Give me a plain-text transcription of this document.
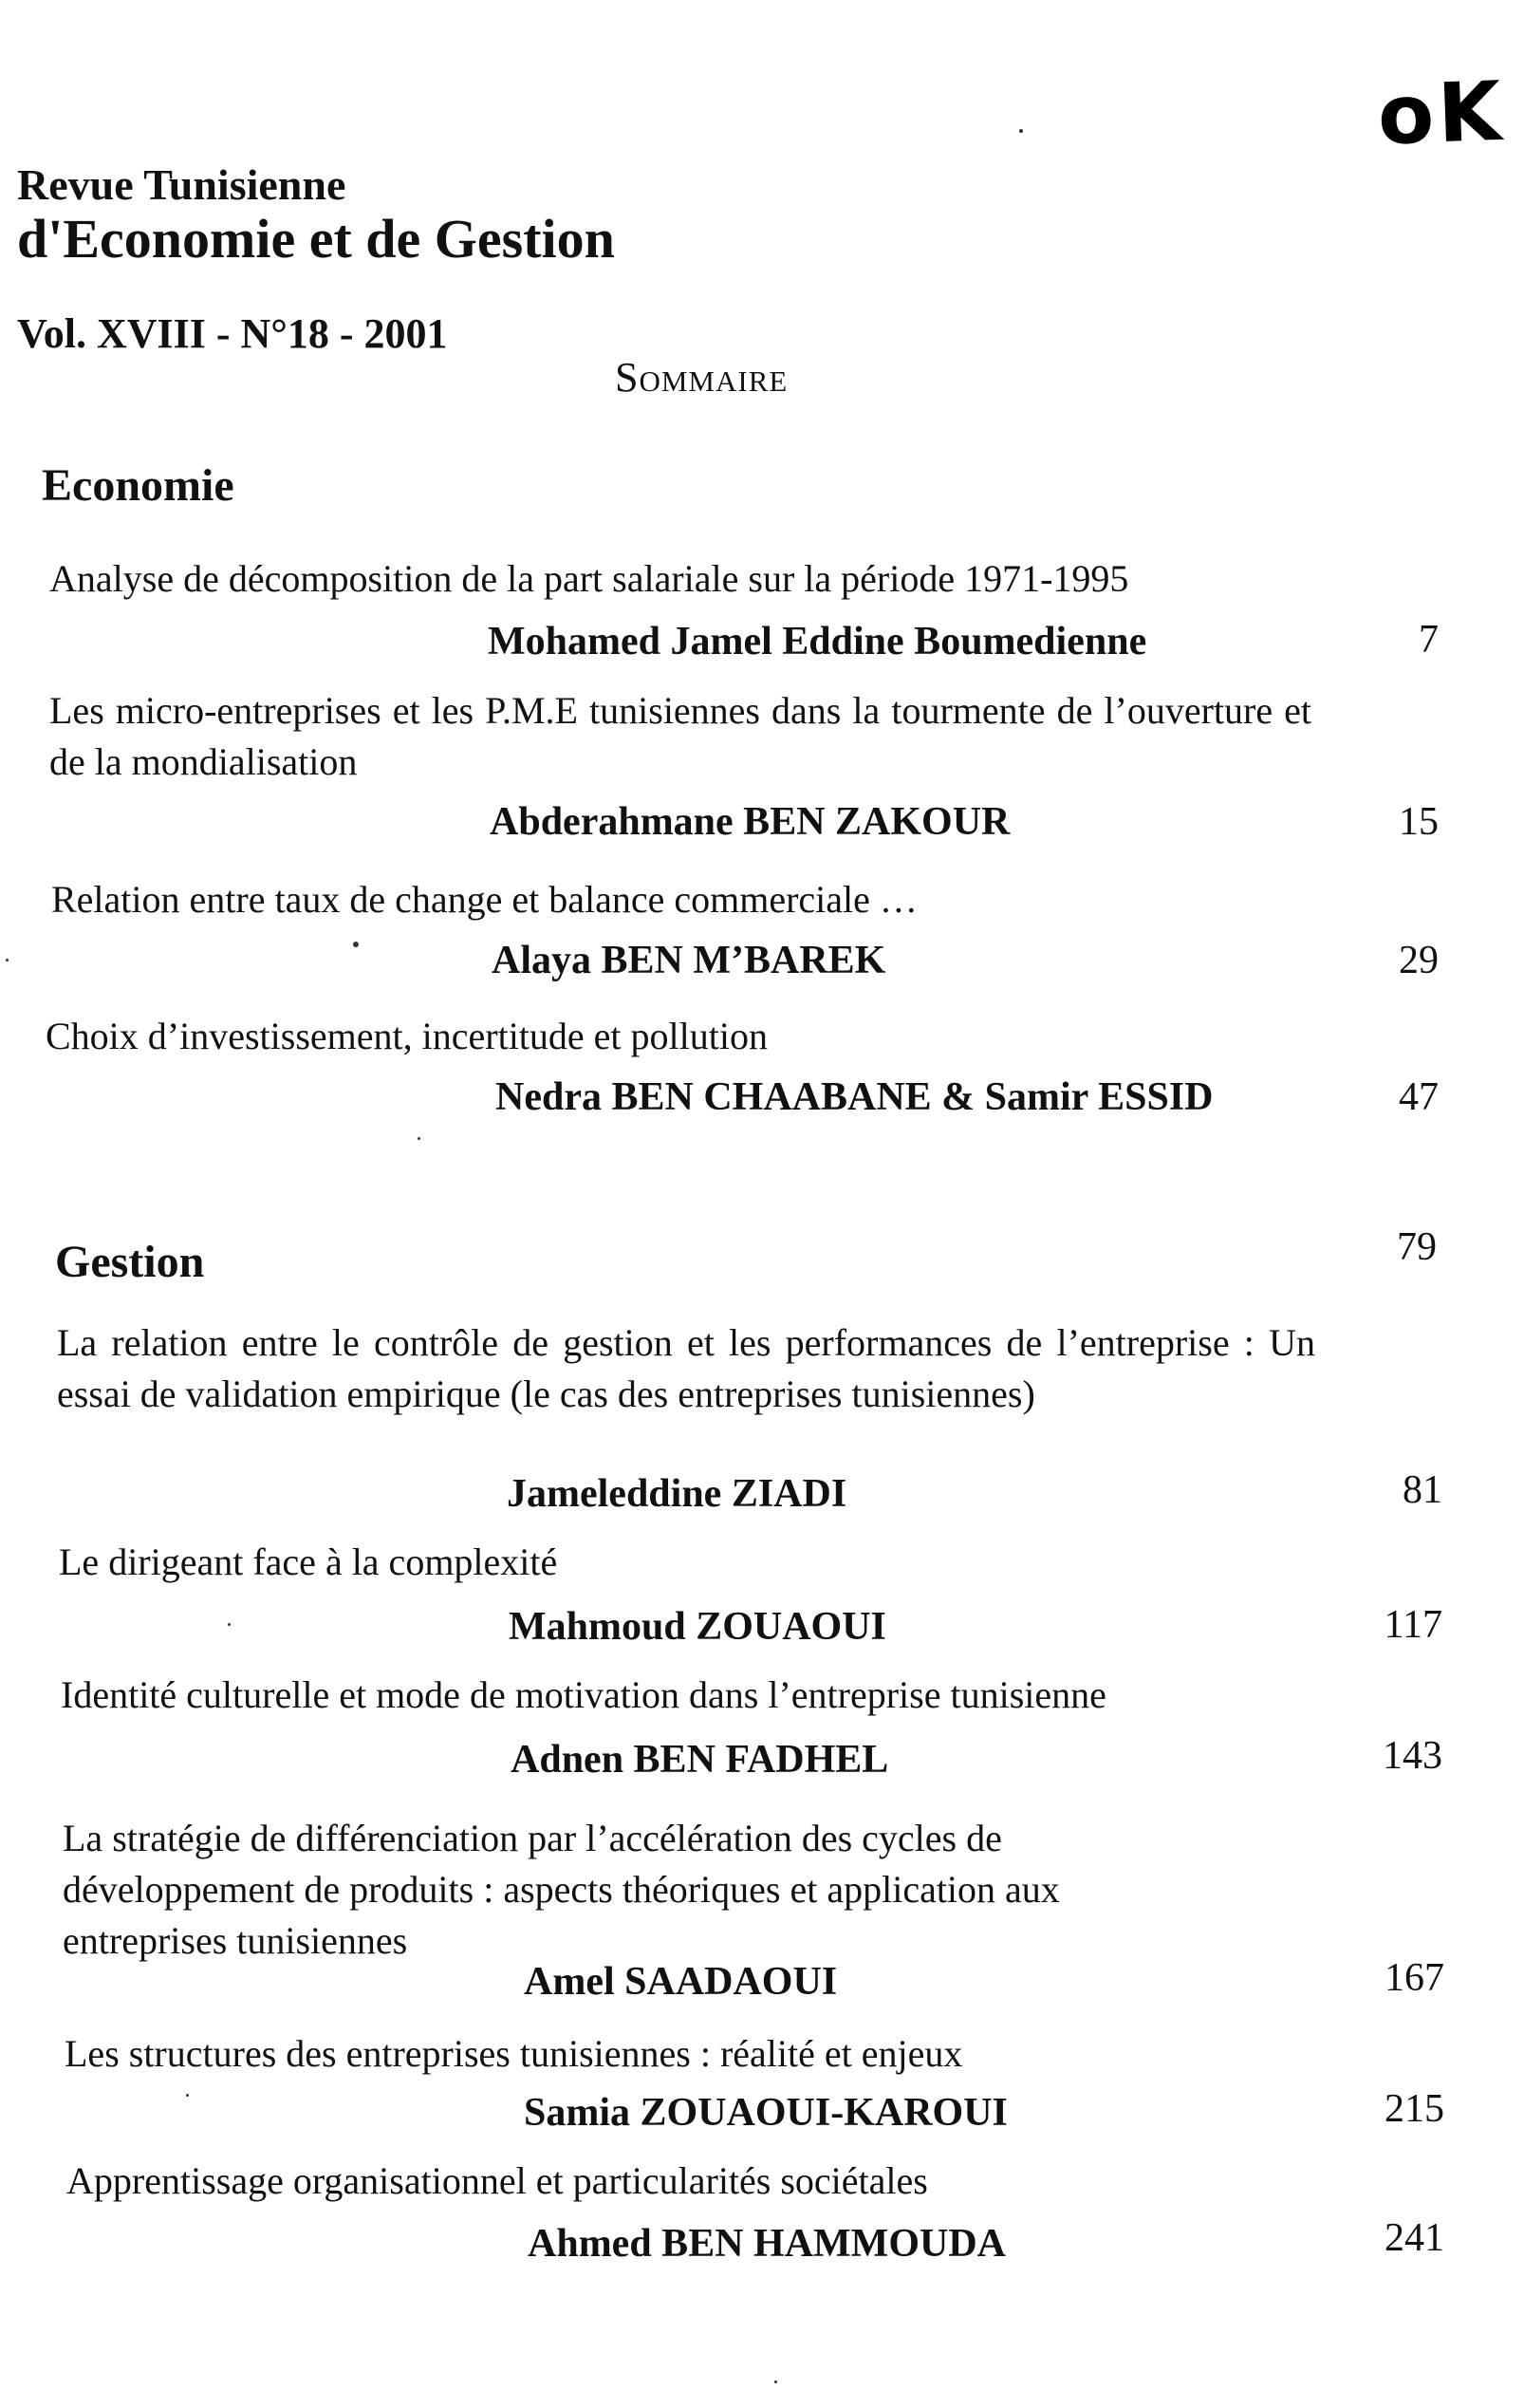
oK
Revue Tunisienne
d'Economie et de Gestion
Vol. XVIII - N°18 - 2001
Sommaire
Economie
Analyse de décomposition de la part salariale sur la période 1971-1995
Mohamed Jamel Eddine Boumedienne	7
Les micro-entreprises et les P.M.E tunisiennes dans la tourmente de l’ouverture et de la mondialisation
Abderahmane BEN ZAKOUR	15
Relation entre taux de change et balance commerciale …
Alaya BEN M’BAREK	29
Choix d’investissement, incertitude et pollution
Nedra BEN CHAABANE & Samir ESSID	47
Gestion	79
La relation entre le contrôle de gestion et les performances de l’entreprise : Un essai de validation empirique (le cas des entreprises tunisiennes)
Jameleddine ZIADI	81
Le dirigeant face à la complexité
Mahmoud ZOUAOUI	117
Identité culturelle et mode de motivation dans l’entreprise tunisienne
Adnen BEN FADHEL	143
La stratégie de différenciation par l’accélération des cycles de développement de produits : aspects théoriques et application aux entreprises tunisiennes
Amel SAADAOUI	167
Les structures des entreprises tunisiennes : réalité et enjeux
Samia ZOUAOUI-KAROUI	215
Apprentissage organisationnel et particularités sociétales
Ahmed BEN HAMMOUDA	241
